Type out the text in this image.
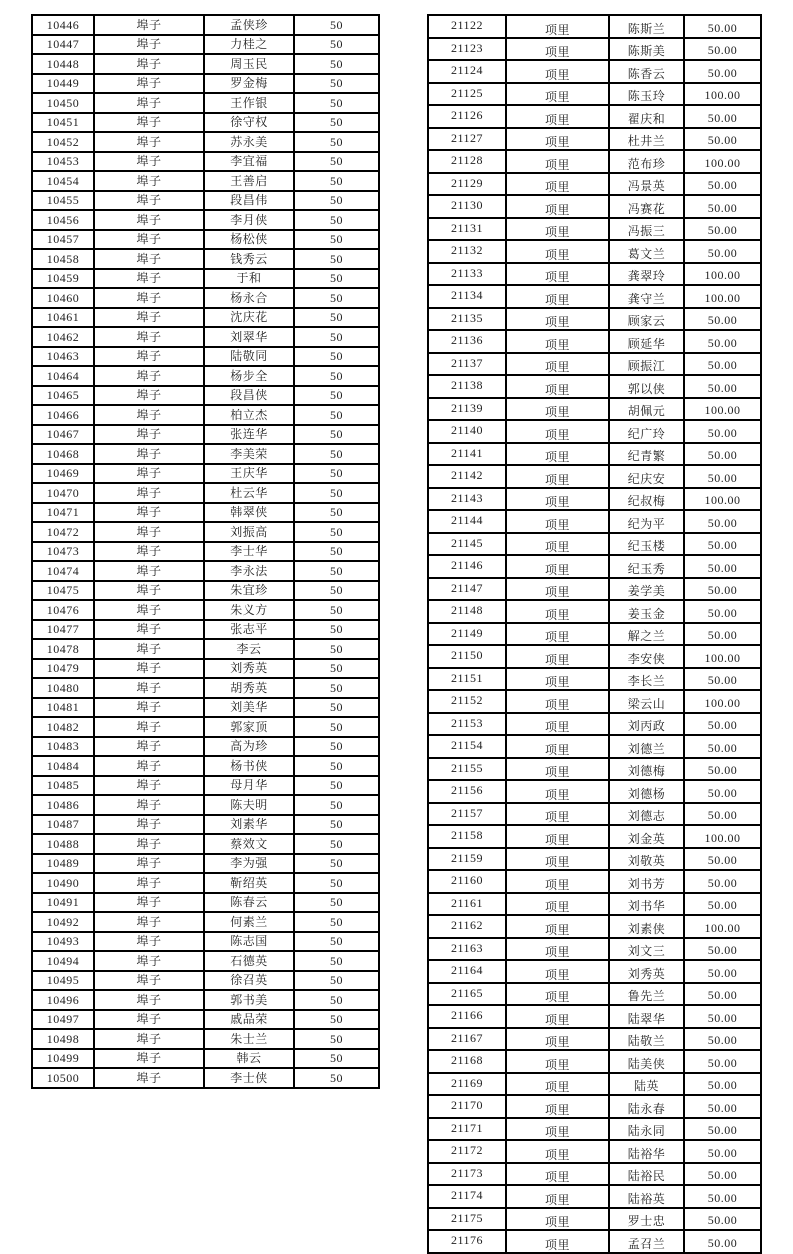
10446	埠子	孟侠珍	50
10447	埠子	力桂之	50
10448	埠子	周玉民	50
10449	埠子	罗金梅	50
10450	埠子	王作银	50
10451	埠子	徐守权	50
10452	埠子	苏永美	50
10453	埠子	李宜福	50
10454	埠子	王善启	50
10455	埠子	段昌伟	50
10456	埠子	李月侠	50
10457	埠子	杨松侠	50
10458	埠子	钱秀云	50
10459	埠子	于和	50
10460	埠子	杨永合	50
10461	埠子	沈庆花	50
10462	埠子	刘翠华	50
10463	埠子	陆敬同	50
10464	埠子	杨步全	50
10465	埠子	段昌侠	50
10466	埠子	柏立杰	50
10467	埠子	张连华	50
10468	埠子	李美荣	50
10469	埠子	王庆华	50
10470	埠子	杜云华	50
10471	埠子	韩翠侠	50
10472	埠子	刘振高	50
10473	埠子	李士华	50
10474	埠子	李永法	50
10475	埠子	朱宜珍	50
10476	埠子	朱义方	50
10477	埠子	张志平	50
10478	埠子	李云	50
10479	埠子	刘秀英	50
10480	埠子	胡秀英	50
10481	埠子	刘美华	50
10482	埠子	郭家顶	50
10483	埠子	高为珍	50
10484	埠子	杨书侠	50
10485	埠子	母月华	50
10486	埠子	陈夫明	50
10487	埠子	刘素华	50
10488	埠子	蔡效文	50
10489	埠子	李为强	50
10490	埠子	靳绍英	50
10491	埠子	陈春云	50
10492	埠子	何素兰	50
10493	埠子	陈志国	50
10494	埠子	石德英	50
10495	埠子	徐召英	50
10496	埠子	郭书美	50
10497	埠子	戚品荣	50
10498	埠子	朱士兰	50
10499	埠子	韩云	50
10500	埠子	李士侠	50
21122	项里	陈斯兰	50.00
21123	项里	陈斯美	50.00
21124	项里	陈香云	50.00
21125	项里	陈玉玲	100.00
21126	项里	翟庆和	50.00
21127	项里	杜井兰	50.00
21128	项里	范布珍	100.00
21129	项里	冯景英	50.00
21130	项里	冯赛花	50.00
21131	项里	冯振三	50.00
21132	项里	葛文兰	50.00
21133	项里	龚翠玲	100.00
21134	项里	龚守兰	100.00
21135	项里	顾家云	50.00
21136	项里	顾延华	50.00
21137	项里	顾振江	50.00
21138	项里	郭以侠	50.00
21139	项里	胡佩元	100.00
21140	项里	纪广玲	50.00
21141	项里	纪青繁	50.00
21142	项里	纪庆安	50.00
21143	项里	纪叔梅	100.00
21144	项里	纪为平	50.00
21145	项里	纪玉楼	50.00
21146	项里	纪玉秀	50.00
21147	项里	姜学美	50.00
21148	项里	姜玉金	50.00
21149	项里	解之兰	50.00
21150	项里	李安侠	100.00
21151	项里	李长兰	50.00
21152	项里	梁云山	100.00
21153	项里	刘丙政	50.00
21154	项里	刘德兰	50.00
21155	项里	刘德梅	50.00
21156	项里	刘德杨	50.00
21157	项里	刘德志	50.00
21158	项里	刘金英	100.00
21159	项里	刘敬英	50.00
21160	项里	刘书芳	50.00
21161	项里	刘书华	50.00
21162	项里	刘素侠	100.00
21163	项里	刘文三	50.00
21164	项里	刘秀英	50.00
21165	项里	鲁先兰	50.00
21166	项里	陆翠华	50.00
21167	项里	陆敬兰	50.00
21168	项里	陆美侠	50.00
21169	项里	陆英	50.00
21170	项里	陆永春	50.00
21171	项里	陆永同	50.00
21172	项里	陆裕华	50.00
21173	项里	陆裕民	50.00
21174	项里	陆裕英	50.00
21175	项里	罗士忠	50.00
21176	项里	孟召兰	50.00
